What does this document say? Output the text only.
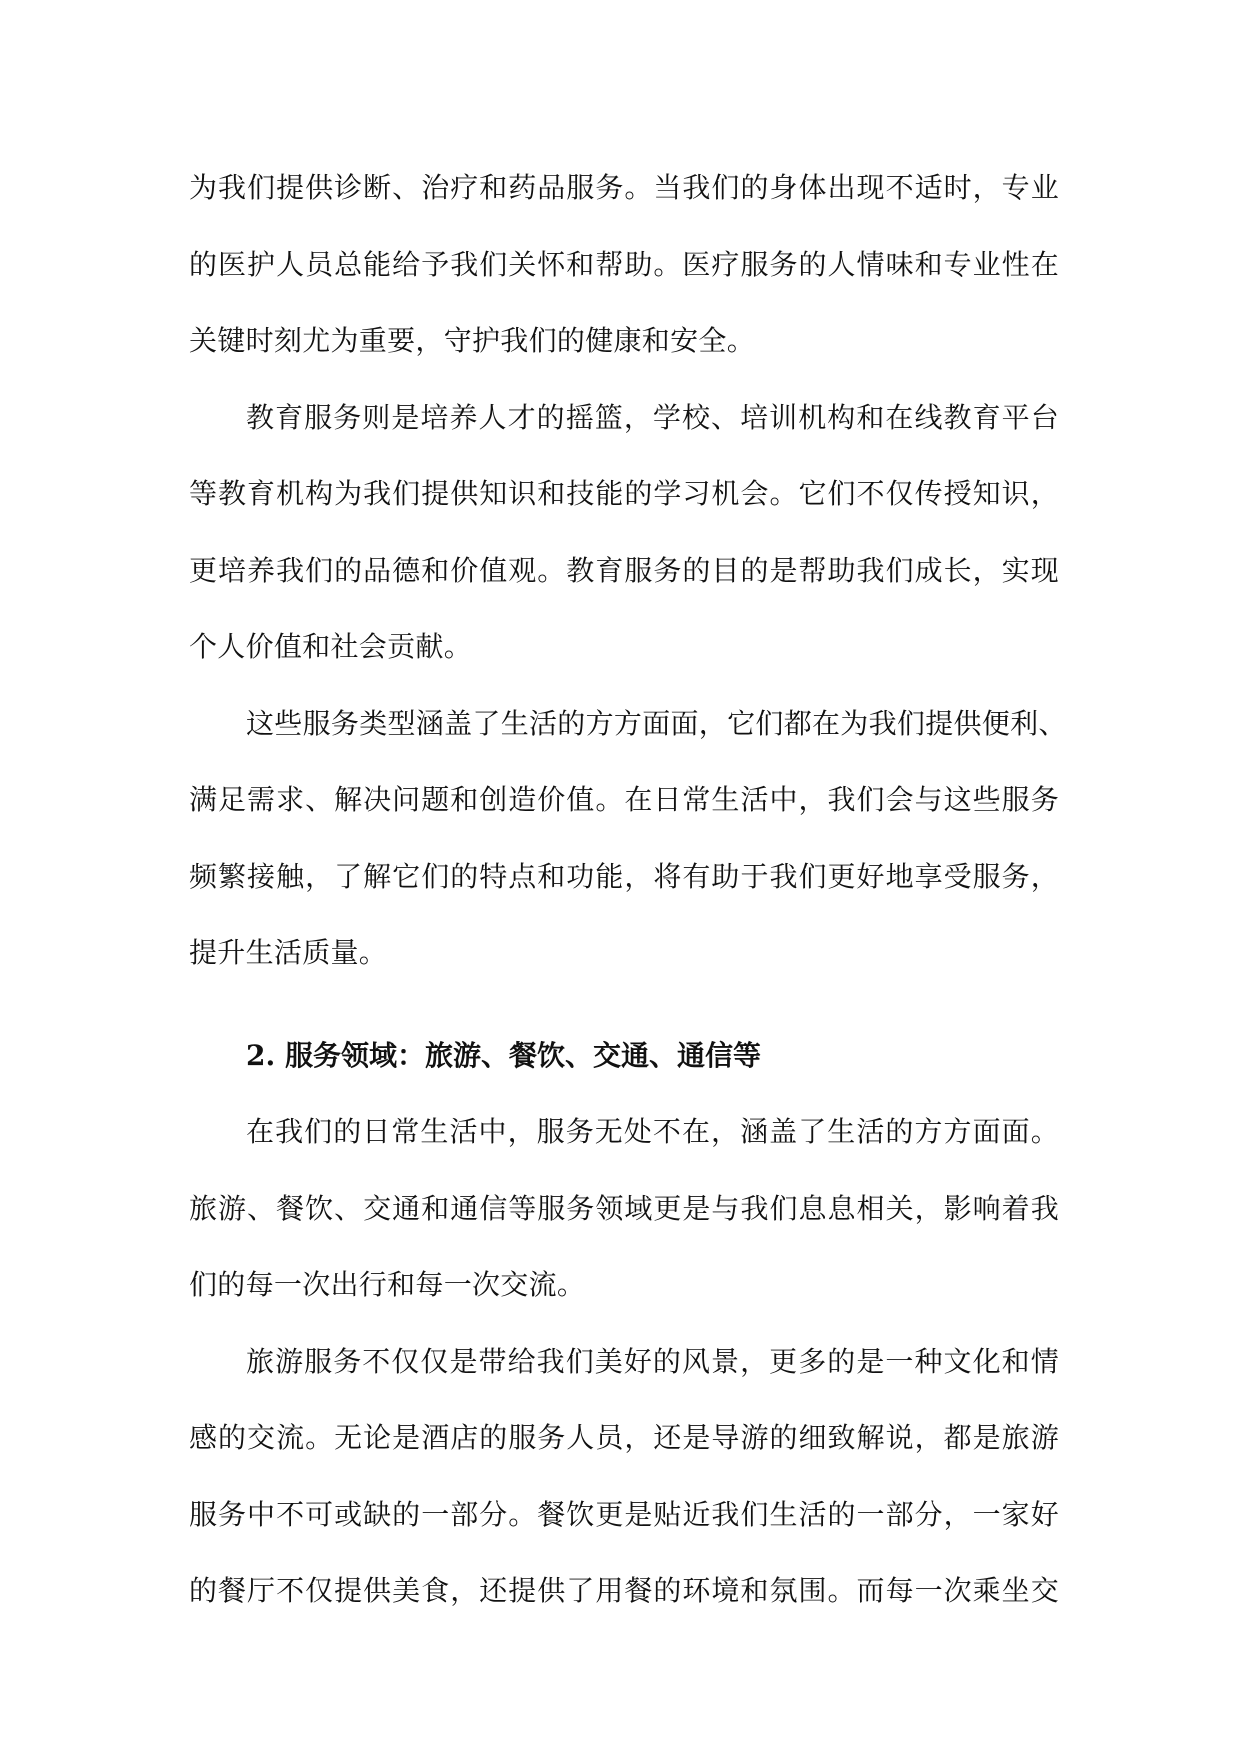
为我们提供诊断、治疗和药品服务。当我们的身体出现不适时，专业
的医护人员总能给予我们关怀和帮助。医疗服务的人情味和专业性在
关键时刻尤为重要，守护我们的健康和安全。

教育服务则是培养人才的摇篮，学校、培训机构和在线教育平台
等教育机构为我们提供知识和技能的学习机会。它们不仅传授知识，
更培养我们的品德和价值观。教育服务的目的是帮助我们成长，实现
个人价值和社会贡献。

这些服务类型涵盖了生活的方方面面，它们都在为我们提供便利、
满足需求、解决问题和创造价值。在日常生活中，我们会与这些服务
频繁接触，了解它们的特点和功能，将有助于我们更好地享受服务，
提升生活质量。

2. 服务领域：旅游、餐饮、交通、通信等

在我们的日常生活中，服务无处不在，涵盖了生活的方方面面。
旅游、餐饮、交通和通信等服务领域更是与我们息息相关，影响着我
们的每一次出行和每一次交流。

旅游服务不仅仅是带给我们美好的风景，更多的是一种文化和情
感的交流。无论是酒店的服务人员，还是导游的细致解说，都是旅游
服务中不可或缺的一部分。餐饮更是贴近我们生活的一部分，一家好
的餐厅不仅提供美食，还提供了用餐的环境和氛围。而每一次乘坐交
